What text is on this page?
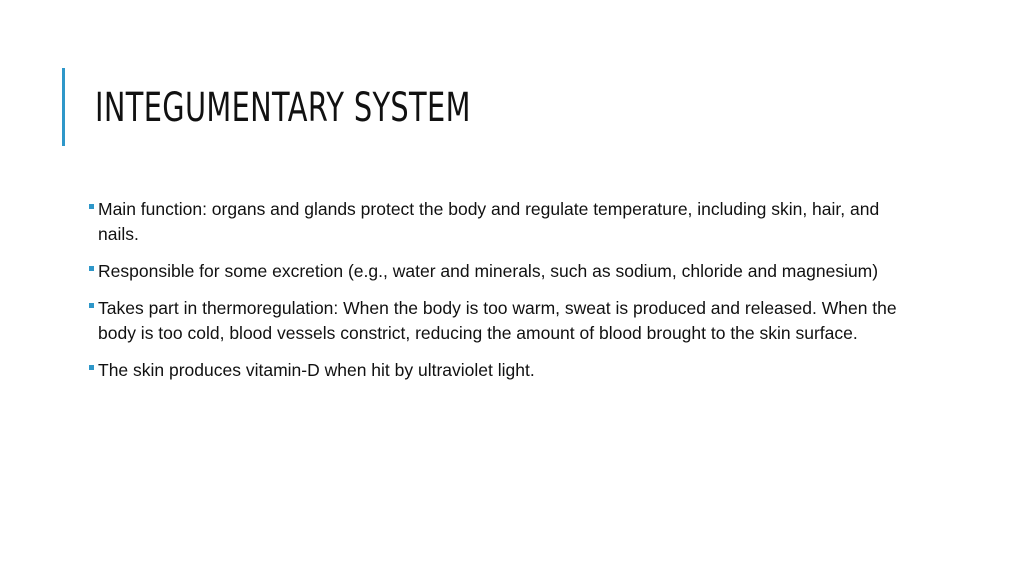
INTEGUMENTARY SYSTEM
Main function: organs and glands protect the body and regulate temperature, including skin, hair, and nails.
Responsible for some excretion (e.g., water and minerals, such as sodium, chloride and magnesium)
Takes part in thermoregulation: When the body is too warm, sweat is produced and released. When the body is too cold, blood vessels constrict, reducing the amount of blood brought to the skin surface.
The skin produces vitamin-D when hit by ultraviolet light.
